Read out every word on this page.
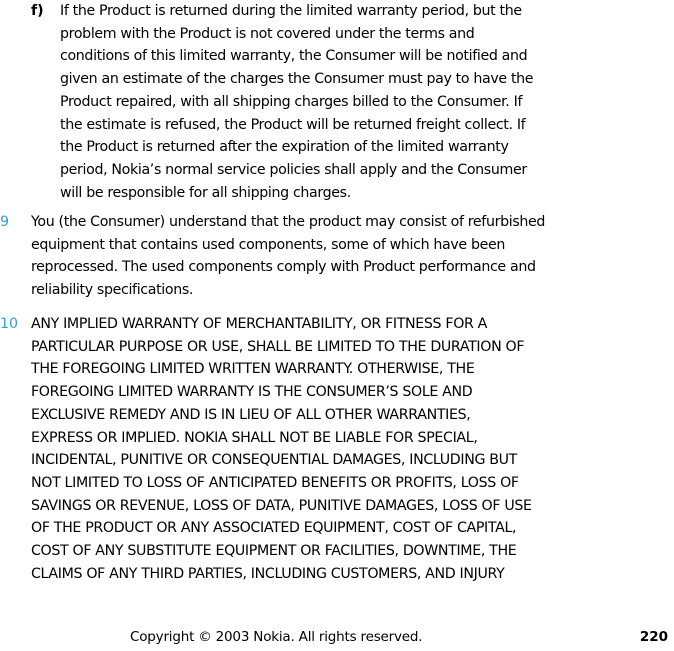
f) If the Product is returned during the limited warranty period, but the
problem with the Product is not covered under the terms and
conditions of this limited warranty, the Consumer will be notified and
given an estimate of the charges the Consumer must pay to have the
Product repaired, with all shipping charges billed to the Consumer. If
the estimate is refused, the Product will be returned freight collect. If
the Product is returned after the expiration of the limited warranty
period, Nokia’s normal service policies shall apply and the Consumer
will be responsible for all shipping charges.
9 You (the Consumer) understand that the product may consist of refurbished
equipment that contains used components, some of which have been
reprocessed. The used components comply with Product performance and
reliability specifications.
10 ANY IMPLIED WARRANTY OF MERCHANTABILITY, OR FITNESS FOR A
PARTICULAR PURPOSE OR USE, SHALL BE LIMITED TO THE DURATION OF
THE FOREGOING LIMITED WRITTEN WARRANTY. OTHERWISE, THE
FOREGOING LIMITED WARRANTY IS THE CONSUMER’S SOLE AND
EXCLUSIVE REMEDY AND IS IN LIEU OF ALL OTHER WARRANTIES,
EXPRESS OR IMPLIED. NOKIA SHALL NOT BE LIABLE FOR SPECIAL,
INCIDENTAL, PUNITIVE OR CONSEQUENTIAL DAMAGES, INCLUDING BUT
NOT LIMITED TO LOSS OF ANTICIPATED BENEFITS OR PROFITS, LOSS OF
SAVINGS OR REVENUE, LOSS OF DATA, PUNITIVE DAMAGES, LOSS OF USE
OF THE PRODUCT OR ANY ASSOCIATED EQUIPMENT, COST OF CAPITAL,
COST OF ANY SUBSTITUTE EQUIPMENT OR FACILITIES, DOWNTIME, THE
CLAIMS OF ANY THIRD PARTIES, INCLUDING CUSTOMERS, AND INJURY
Copyright © 2003 Nokia. All rights reserved.	220
